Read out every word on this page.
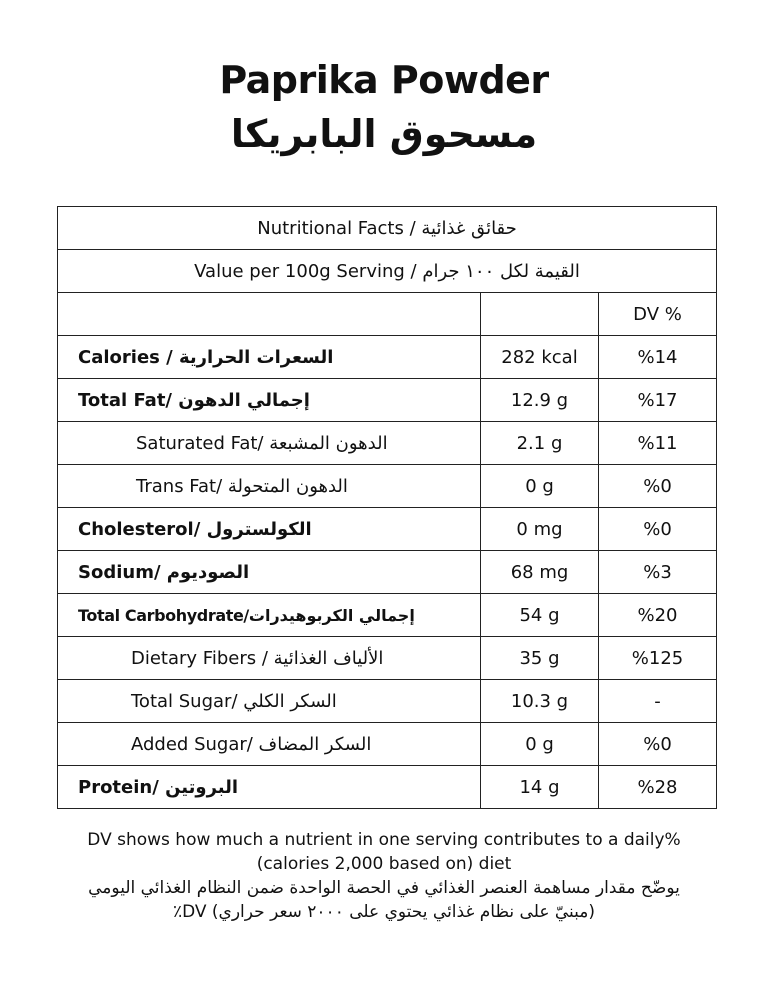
Paprika Powder
مسحوق البابريكا
Nutritional Facts / حقائق غذائية		
Value per 100g Serving / القيمة لكل ١٠٠ جرام		
		DV %
Calories / السعرات الحرارية	282 kcal	%14
Total Fat/ إجمالي الدهون	12.9 g	%17
Saturated Fat/ الدهون المشبعة	2.1 g	%11
Trans Fat/ الدهون المتحولة	0 g	%0
Cholesterol/ الكولسترول	0 mg	%0
Sodium/ الصوديوم	68 mg	%3
Total Carbohydrate/إجمالي الكربوهيدرات	54 g	%20
Dietary Fibers / الألياف الغذائية	35 g	%125
Total Sugar/ السكر الكلي	10.3 g	-
Added Sugar/ السكر المضاف	0 g	%0
Protein/ البروتين	14 g	%28
DV shows how much a nutrient in one serving contributes to a daily%
(calories 2,000 based on) diet
يوضّح مقدار مساهمة العنصر الغذائي في الحصة الواحدة ضمن النظام الغذائي اليومي
(مبنيّ على نظام غذائي يحتوي على ٢٠٠٠ سعر حراري) DV٪
